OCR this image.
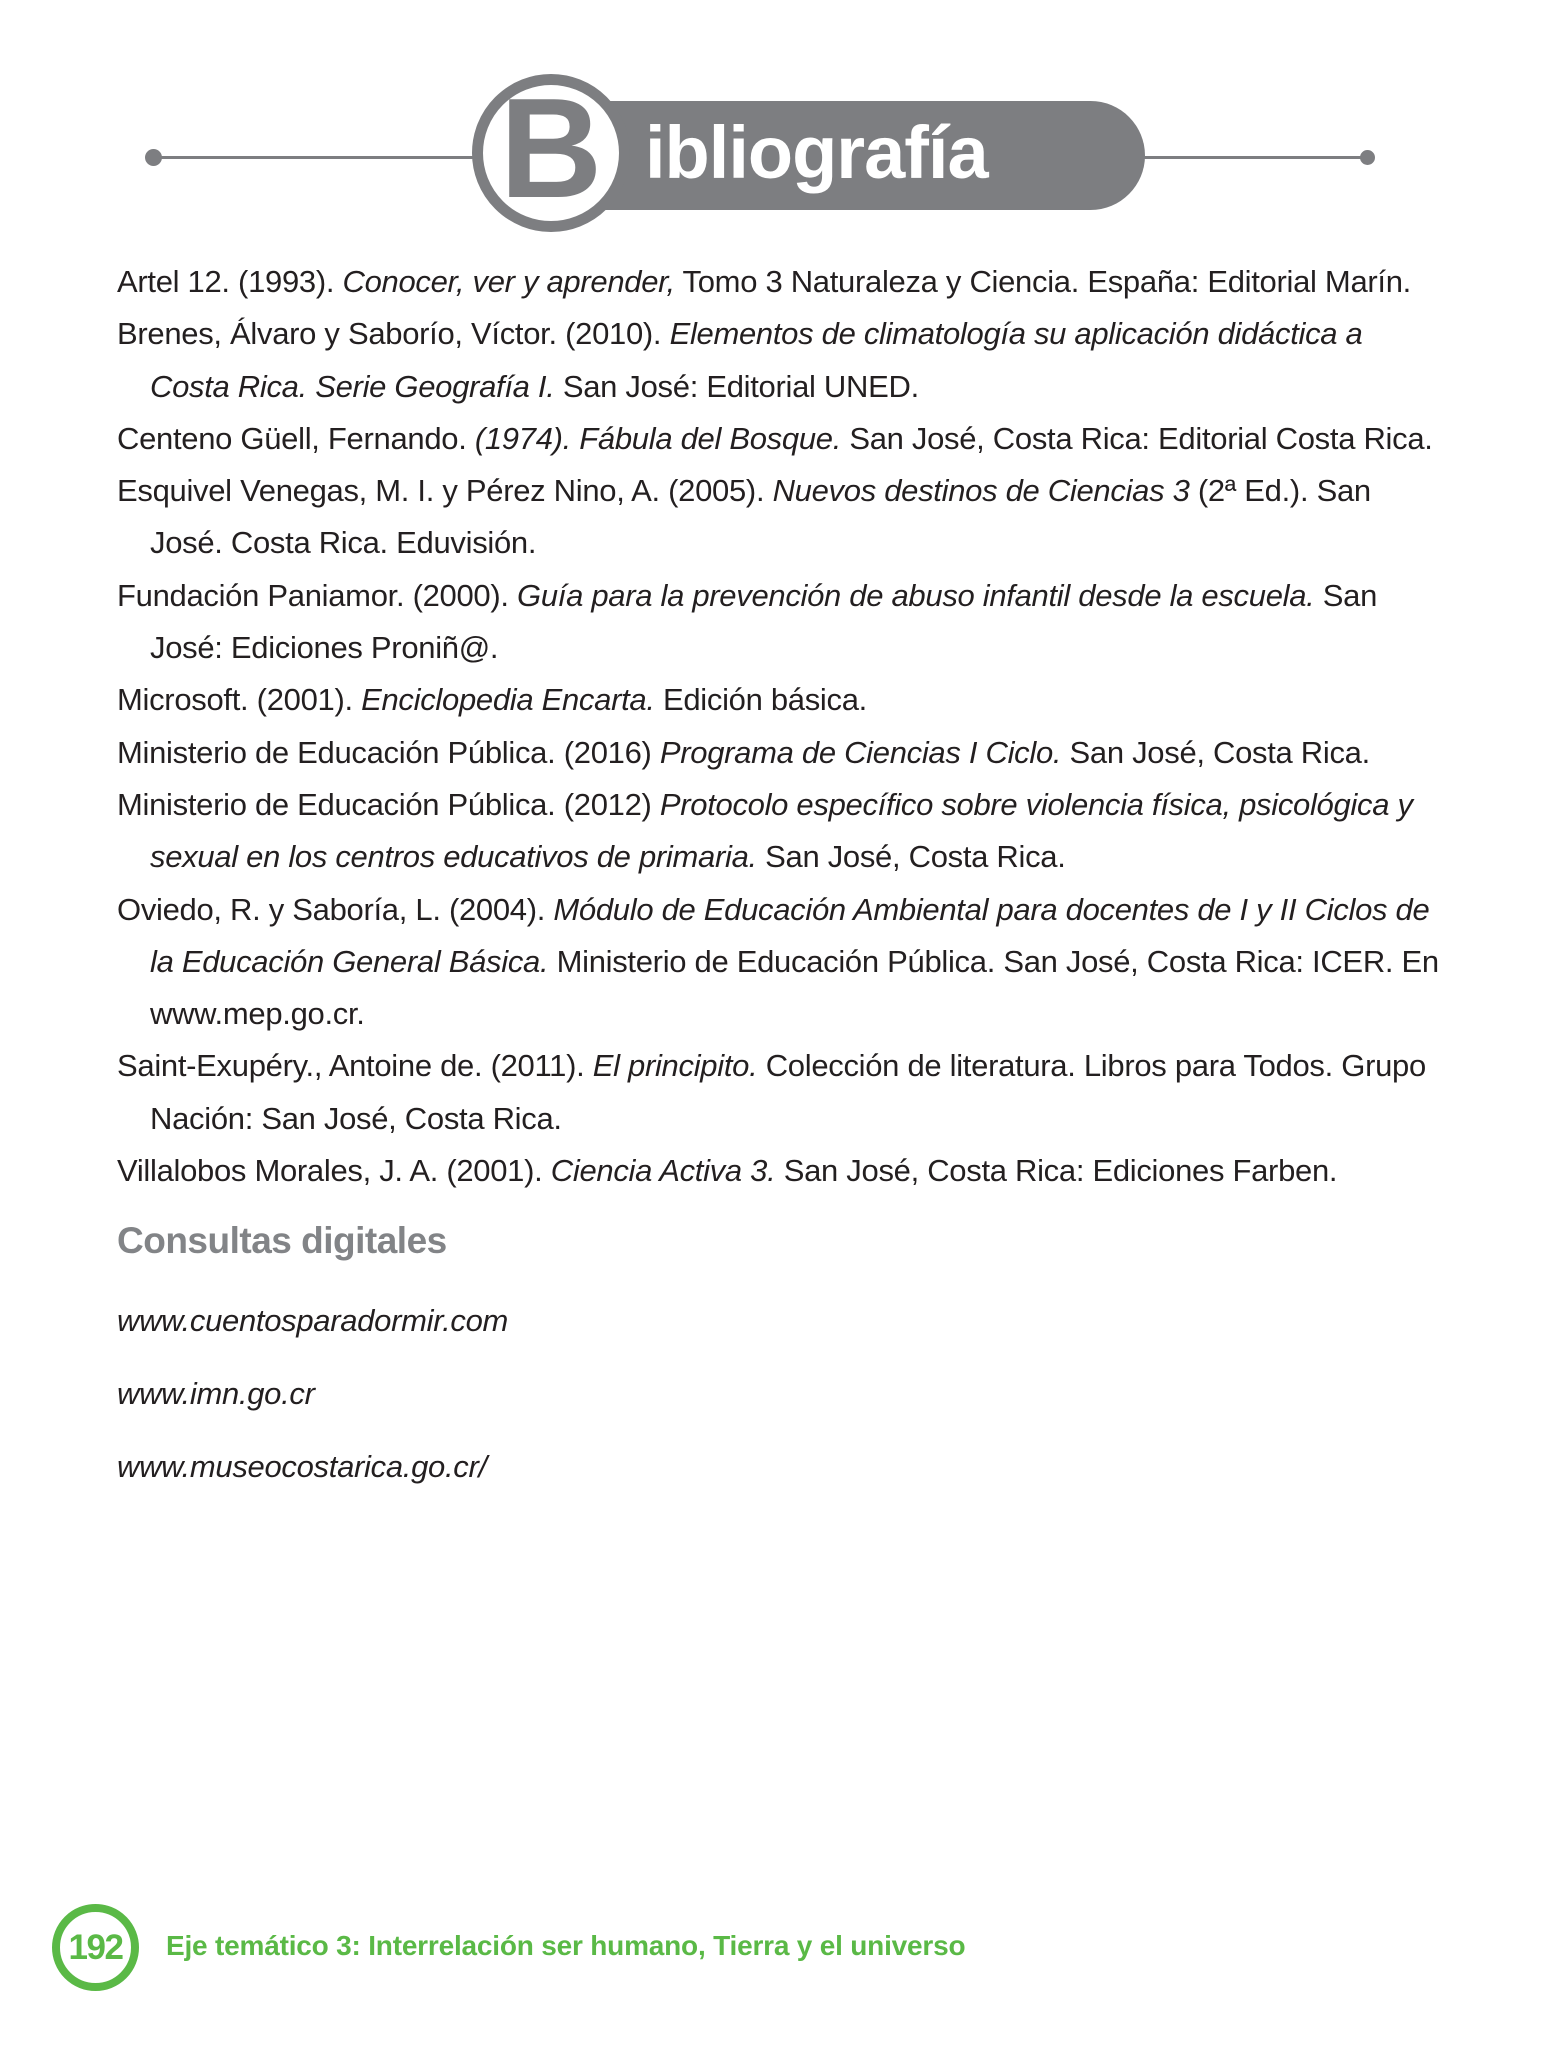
ibliografía
B

Artel 12. (1993). Conocer, ver y aprender, Tomo 3 Naturaleza y Ciencia. España: Editorial Marín.

Brenes, Álvaro y Saborío, Víctor. (2010). Elementos de climatología su aplicación didáctica a Costa Rica. Serie Geografía I. San José: Editorial UNED.

Centeno Güell, Fernando. (1974). Fábula del Bosque. San José, Costa Rica: Editorial Costa Rica.

Esquivel Venegas, M. I. y Pérez Nino, A. (2005). Nuevos destinos de Ciencias 3 (2ª Ed.). San José. Costa Rica. Eduvisión.

Fundación Paniamor. (2000). Guía para la prevención de abuso infantil desde la escuela. San José: Ediciones Proniñ@.

Microsoft. (2001). Enciclopedia Encarta. Edición básica.

Ministerio de Educación Pública. (2016) Programa de Ciencias I Ciclo. San José, Costa Rica.

Ministerio de Educación Pública. (2012) Protocolo específico sobre violencia física, psicológica y sexual en los centros educativos de primaria. San José, Costa Rica.

Oviedo, R. y Saboría, L. (2004). Módulo de Educación Ambiental para docentes de I y II Ciclos de la Educación General Básica. Ministerio de Educación Pública. San José, Costa Rica: ICER. En www.mep.go.cr.

Saint-Exupéry., Antoine de. (2011). El principito. Colección de literatura. Libros para Todos. Grupo Nación: San José, Costa Rica.

Villalobos Morales, J. A. (2001). Ciencia Activa 3. San José, Costa Rica: Ediciones Farben.

Consultas digitales

www.cuentosparadormir.com

www.imn.go.cr

www.museocostarica.go.cr/

192 Eje temático 3: Interrelación ser humano, Tierra y el universo
